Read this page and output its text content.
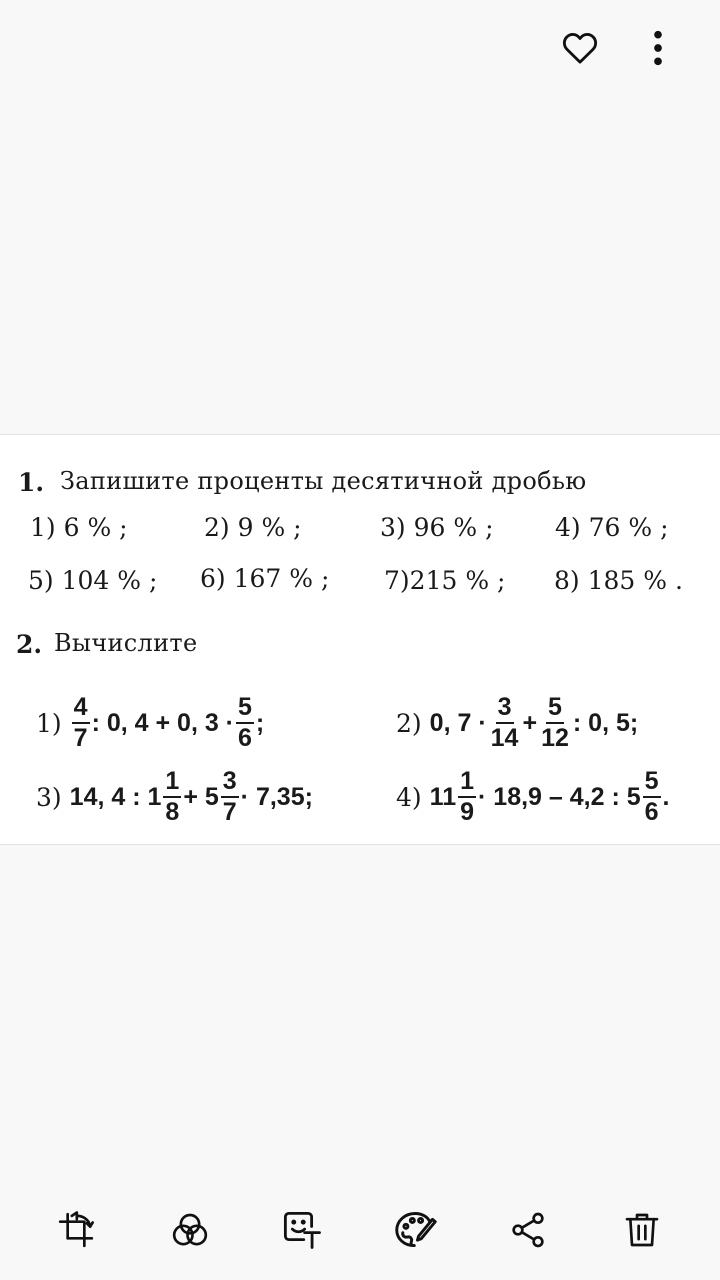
1. Запишите проценты десятичной дробью
1) 6 % ;	2) 9 % ;	3) 96 % ; 4) 76 % ;
5) 104 % ; 6) 167 % ; 7)215 % ; 8) 185 % .
2. Вычислите
$1) \frac{4}{7}$ : 0, 4 + 0, $3 \cdot \frac{5}{6}$ ;	2) 0, $7 \cdot \frac{3}{14} + \frac{5}{12}$ : 0, 5;
3) 14, 4 : $1 \frac{1}{8} + 5 \frac{3}{7} \cdot 7,35$;	4) $11 \frac{1}{9} \cdot 18,9 - 4,2$ : $5 \frac{5}{6}$ .
